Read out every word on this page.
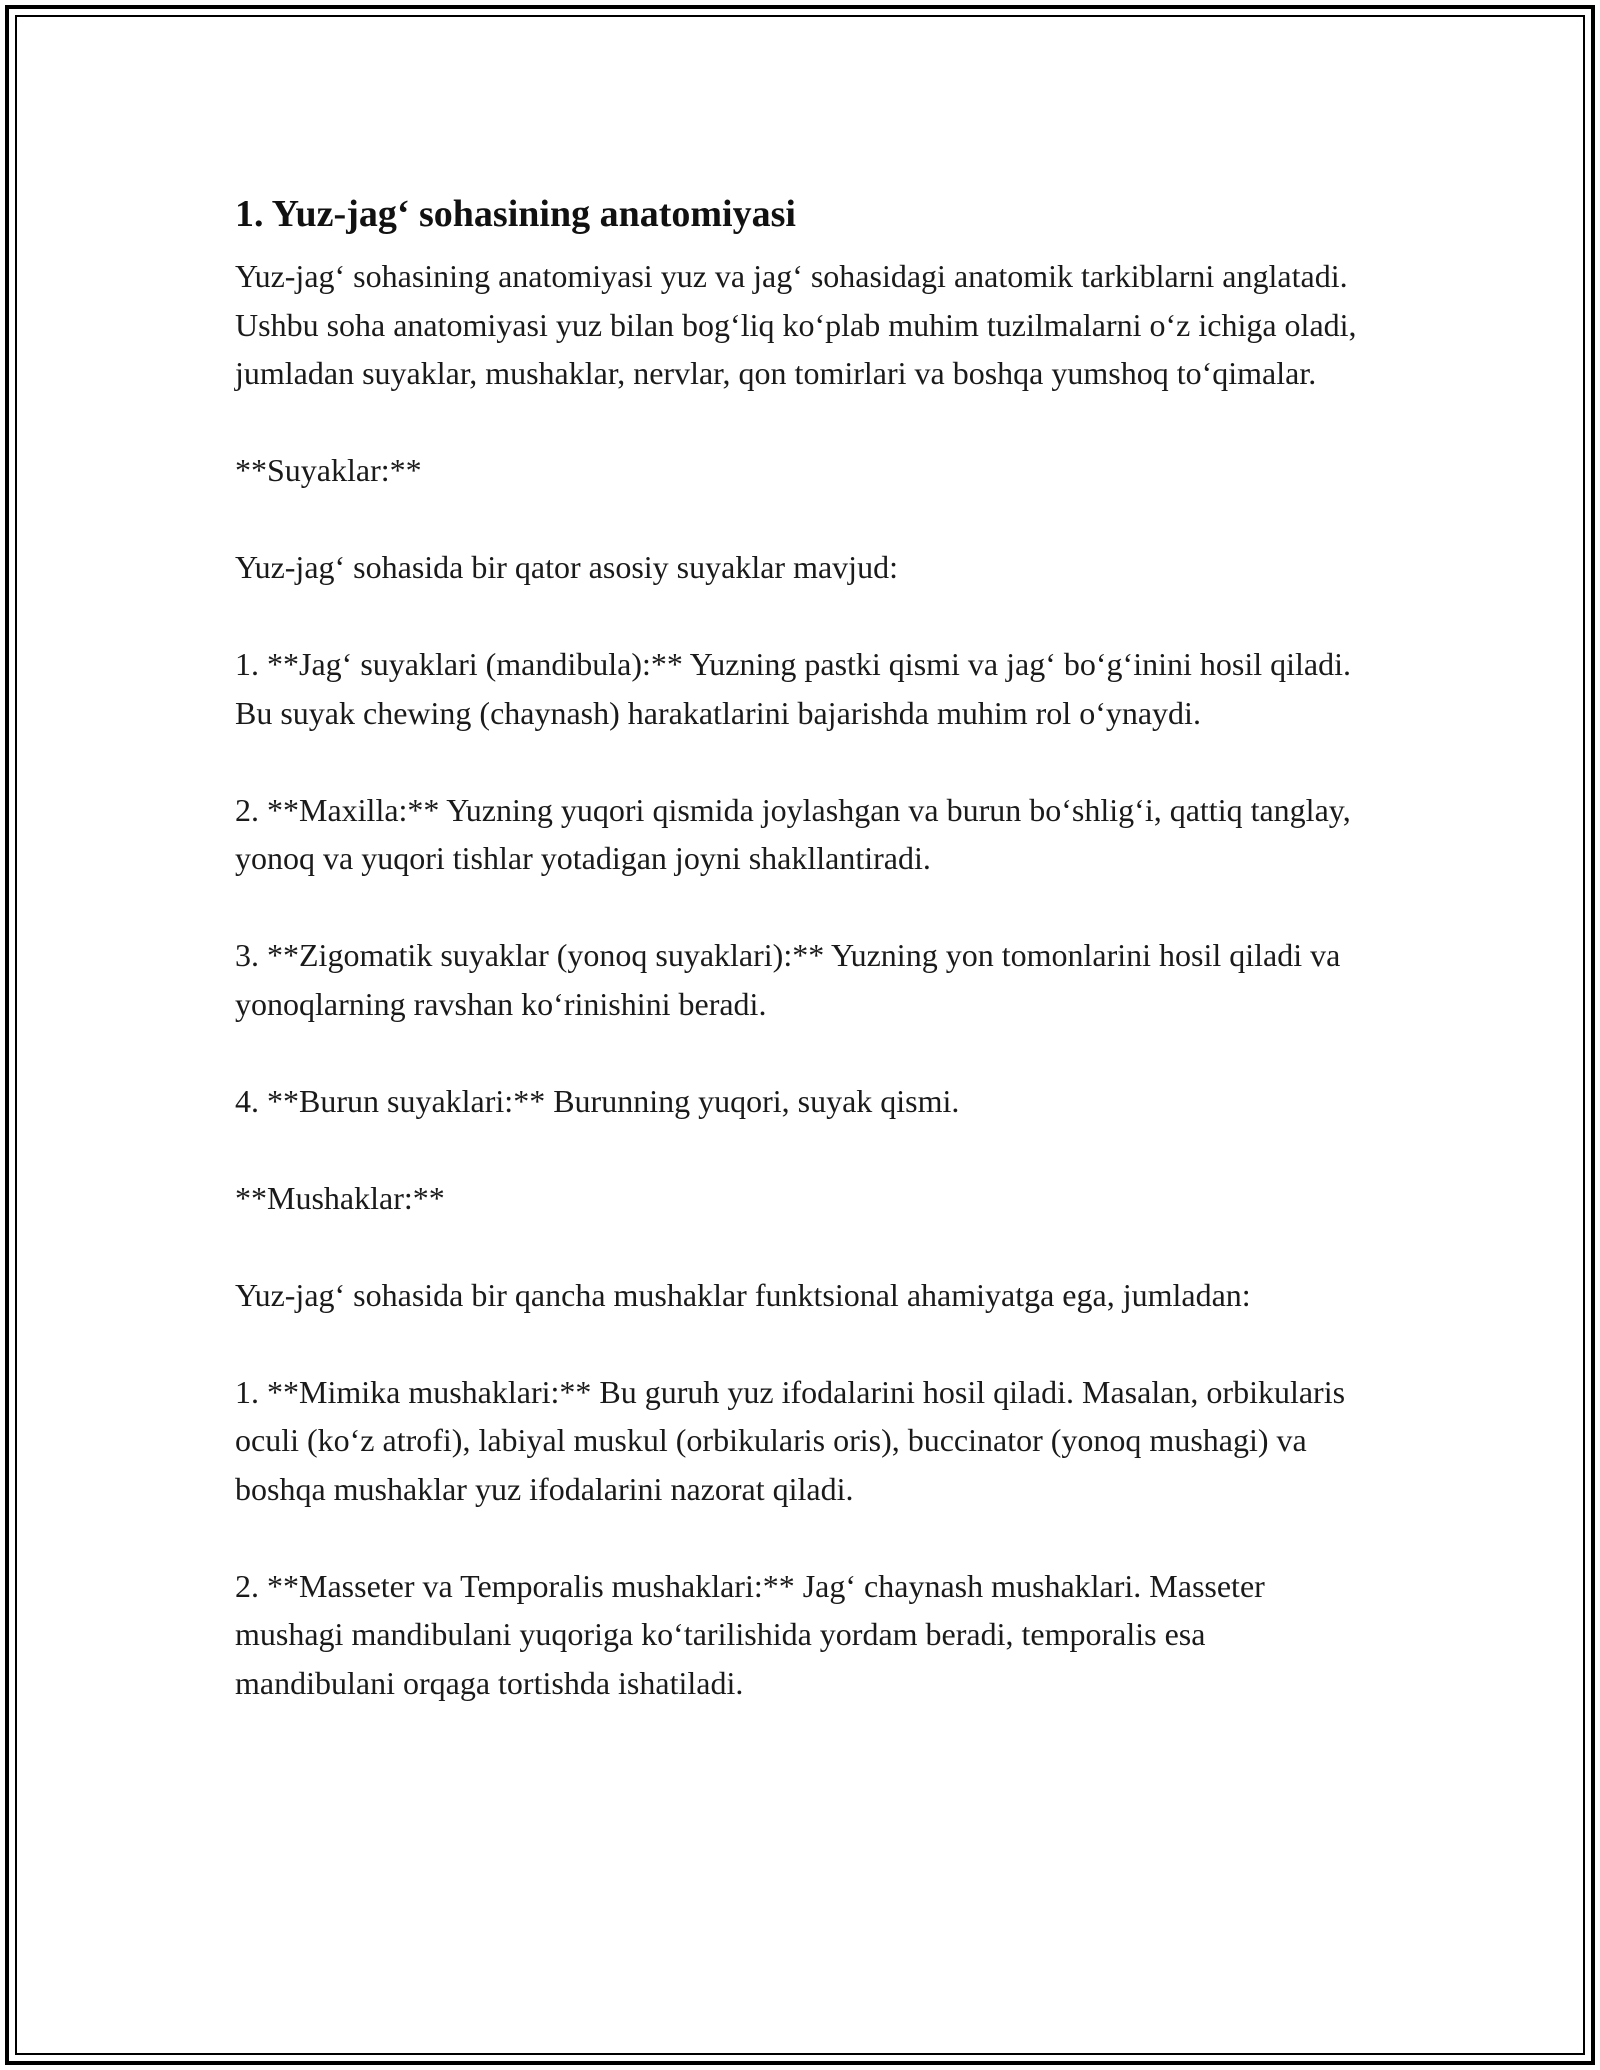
1. Yuz-jag‘ sohasining anatomiyasi

Yuz-jag‘ sohasining anatomiyasi yuz va jag‘ sohasidagi anatomik tarkiblarni anglatadi. Ushbu soha anatomiyasi yuz bilan bog‘liq ko‘plab muhim tuzilmalarni o‘z ichiga oladi, jumladan suyaklar, mushaklar, nervlar, qon tomirlari va boshqa yumshoq to‘qimalar.

**Suyaklar:**

Yuz-jag‘ sohasida bir qator asosiy suyaklar mavjud:

1. **Jag‘ suyaklari (mandibula):** Yuzning pastki qismi va jag‘ bo‘g‘inini hosil qiladi. Bu suyak chewing (chaynash) harakatlarini bajarishda muhim rol o‘ynaydi.

2. **Maxilla:** Yuzning yuqori qismida joylashgan va burun bo‘shlig‘i, qattiq tanglay, yonoq va yuqori tishlar yotadigan joyni shakllantiradi.

3. **Zigomatik suyaklar (yonoq suyaklari):** Yuzning yon tomonlarini hosil qiladi va yonoqlarning ravshan ko‘rinishini beradi.

4. **Burun suyaklari:** Burunning yuqori, suyak qismi.

**Mushaklar:**

Yuz-jag‘ sohasida bir qancha mushaklar funktsional ahamiyatga ega, jumladan:

1. **Mimika mushaklari:** Bu guruh yuz ifodalarini hosil qiladi. Masalan, orbikularis oculi (ko‘z atrofi), labiyal muskul (orbikularis oris), buccinator (yonoq mushagi) va boshqa mushaklar yuz ifodalarini nazorat qiladi.

2. **Masseter va Temporalis mushaklari:** Jag‘ chaynash mushaklari. Masseter mushagi mandibulani yuqoriga ko‘tarilishida yordam beradi, temporalis esa mandibulani orqaga tortishda ishatiladi.
